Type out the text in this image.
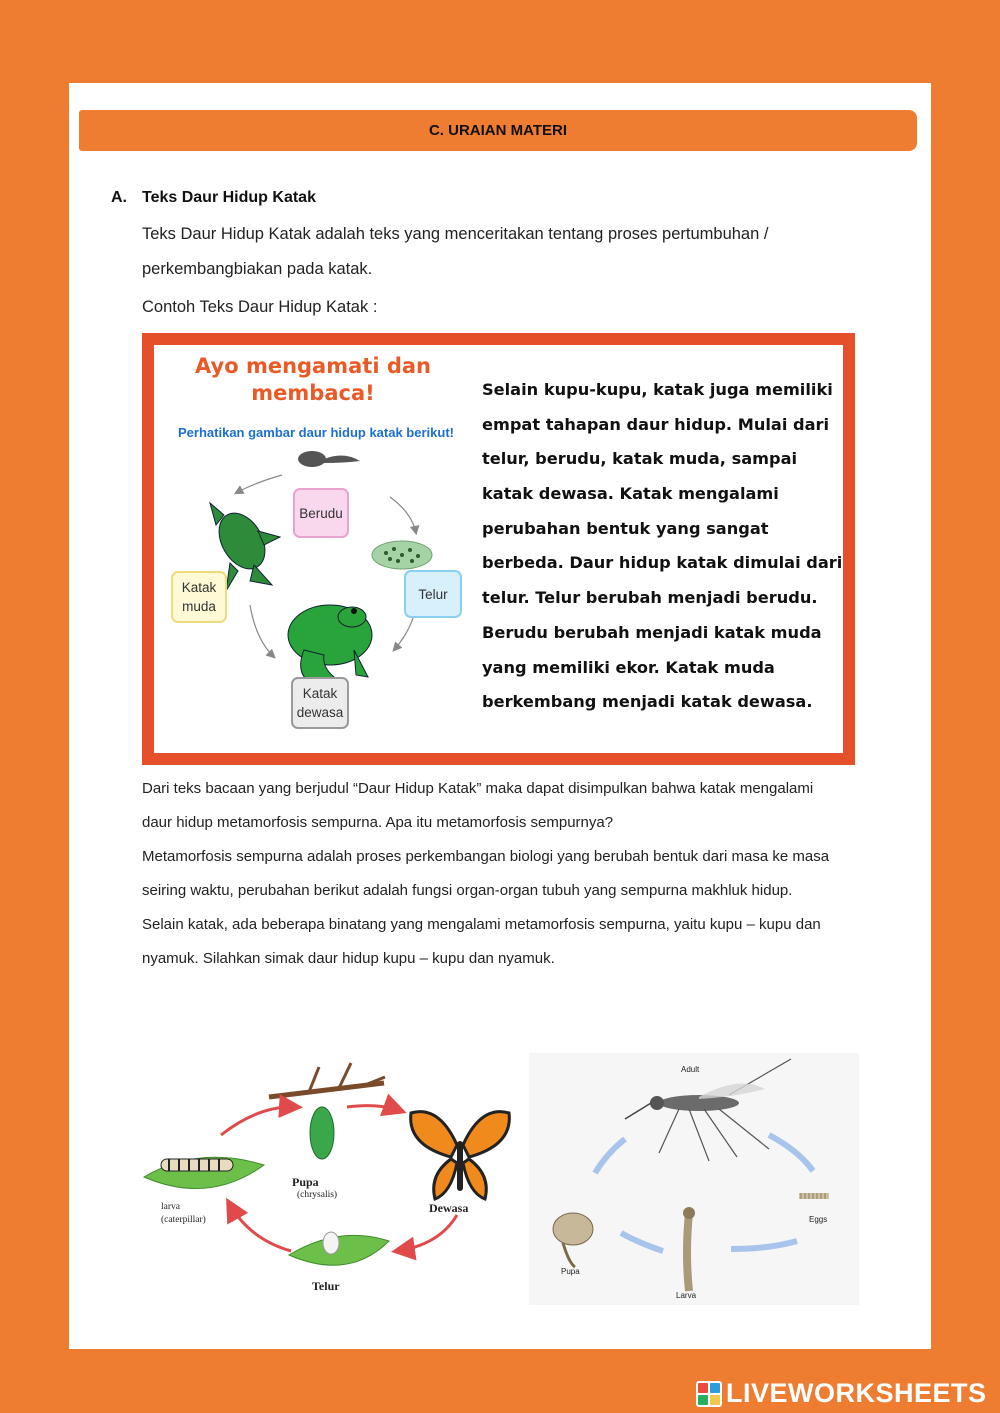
C. URAIAN MATERI
A. Teks Daur Hidup Katak
Teks Daur Hidup Katak adalah teks yang menceritakan tentang proses pertumbuhan /
perkembangbiakan pada katak.
Contoh Teks Daur Hidup Katak :
Ayo mengamati dan
membaca!
Perhatikan gambar daur hidup katak berikut!
Berudu
Telur
Katak
muda
Katak
dewasa
Selain kupu-kupu, katak juga memiliki
empat tahapan daur hidup. Mulai dari
telur, berudu, katak muda, sampai
katak dewasa. Katak mengalami
perubahan bentuk yang sangat
berbeda. Daur hidup katak dimulai dari
telur. Telur berubah menjadi berudu.
Berudu berubah menjadi katak muda
yang memiliki ekor. Katak muda
berkembang menjadi katak dewasa.
Dari teks bacaan yang berjudul “Daur Hidup Katak” maka dapat disimpulkan bahwa katak mengalami
daur hidup metamorfosis sempurna. Apa itu metamorfosis sempurnya?
Metamorfosis sempurna adalah proses perkembangan biologi yang berubah bentuk dari masa ke masa
seiring waktu, perubahan berikut adalah fungsi organ-organ tubuh yang sempurna makhluk hidup.
Selain katak, ada beberapa binatang yang mengalami metamorfosis sempurna, yaitu kupu – kupu dan
nyamuk. Silahkan simak daur hidup kupu – kupu dan nyamuk.
Pupa
(chrysalis)
Dewasa
larva
(caterpillar)
Telur
Adult
Eggs
Pupa
Larva
LIVEWORKSHEETS
